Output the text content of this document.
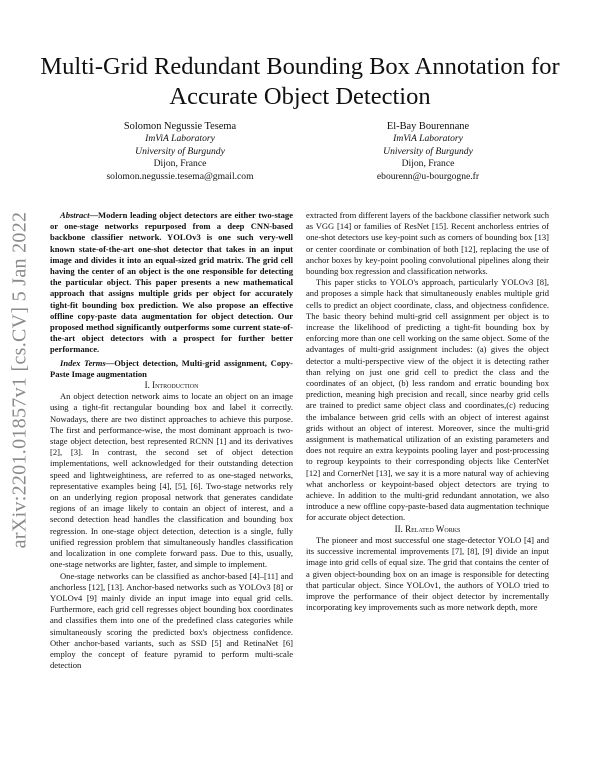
Multi-Grid Redundant Bounding Box Annotation for Accurate Object Detection
Solomon Negussie Tesema
ImViA Laboratory
University of Burgundy
Dijon, France
solomon.negussie.tesema@gmail.com
El-Bay Bourennane
ImViA Laboratory
University of Burgundy
Dijon, France
ebourenn@u-bourgogne.fr
arXiv:2201.01857v1 [cs.CV] 5 Jan 2022	Abstract—Modern leading object detectors are either two-stage or one-stage networks repurposed from a deep CNN-based backbone classifier network. YOLOv3 is one such very-well known state-of-the-art one-shot detector that takes in an input image and divides it into an equal-sized grid matrix. The grid cell having the center of an object is the one responsible for detecting the particular object. This paper presents a new mathematical approach that assigns multiple grids per object for accurately tight-fit bounding box prediction. We also propose an effective offline copy-paste data augmentation for object detection. Our proposed method significantly outperforms some current state-of-the-art object detectors with a prospect for further better performance.

Index Terms—Object detection, Multi-grid assignment, Copy-Paste Image augmentation

I. Introduction

An object detection network aims to locate an object on an image using a tight-fit rectangular bounding box and label it correctly. Nowadays, there are two distinct approaches to achieve this purpose. The first and performance-wise, the most dominant approach is two-stage object detection, best represented RCNN [1] and its derivatives [2], [3]. In contrast, the second set of object detection implementations, well acknowledged for their outstanding detection speed and lightweightiness, are referred to as one-staged networks, representative examples being [4], [5], [6]. Two-stage networks rely on an underlying region proposal network that generates candidate regions of an image likely to contain an object of interest, and a second detection head handles the classification and bounding box regression. In one-stage object detection, detection is a single, fully unified regression problem that simultaneously handles classification and localization in one complete forward pass. Due to this, usually, one-stage networks are lighter, faster, and simple to implement.

One-stage networks can be classified as anchor-based [4]–[11] and anchorless [12], [13]. Anchor-based networks such as YOLOv3 [8] or YOLOv4 [9] mainly divide an input image into equal grid cells. Furthermore, each grid cell regresses object bounding box coordinates and classifies them into one of the predefined class categories while simultaneously scoring the predicted box's objectness confidence. Other anchor-based variants, such as SSD [5] and RetinaNet [6] employ the concept of feature pyramid to perform multi-scale detection

extracted from different layers of the backbone classifier network such as VGG [14] or families of ResNet [15]. Recent anchorless entries of one-shot detectors use key-point such as corners of bounding box [13] or center coordinate or combination of both [12], replacing the use of anchor boxes by key-point pooling convolutional pipelines along their bounding box regression and classification networks.

This paper sticks to YOLO's approach, particularly YOLOv3 [8], and proposes a simple hack that simultaneously enables multiple grid cells to predict an object coordinate, class, and objectness confidence. The basic theory behind multi-grid cell assignment per object is to increase the likelihood of predicting a tight-fit bounding box by enforcing more than one cell working on the same object. Some of the advantages of multi-grid assignment includes: (a) gives the object detector a multi-perspective view of the object it is detecting rather than relying on just one grid cell to predict the class and the coordinates of an object, (b) less random and erratic bounding box prediction, meaning high precision and recall, since nearby grid cells are trained to predict same object class and coordinates,(c) reducing the imbalance between grid cells with an object of interest against grids without an object of interest. Moreover, since the multi-grid assignment is mathematical utilization of an existing parameters and does not require an extra keypoints pooling layer and post-processing to regroup keypoints to their corresponding objects like CenterNet [12] and CornerNet [13], we say it is a more natural way of achieving what anchorless or keypoint-based object detectors are trying to achieve. In addition to the multi-grid redundant annotation, we also introduce a new offline copy-paste-based data augmentation technique for accurate object detection.

II. Related Works

The pioneer and most successful one stage-detector YOLO [4] and its successive incremental improvements [7], [8], [9] divide an input image into grid cells of equal size. The grid that contains the center of a given object-bounding box on an image is responsible for detecting that particular object. Since YOLOv1, the authors of YOLO tried to improve the performance of their object detector by incrementally incorporating key improvements such as more network depth, more
